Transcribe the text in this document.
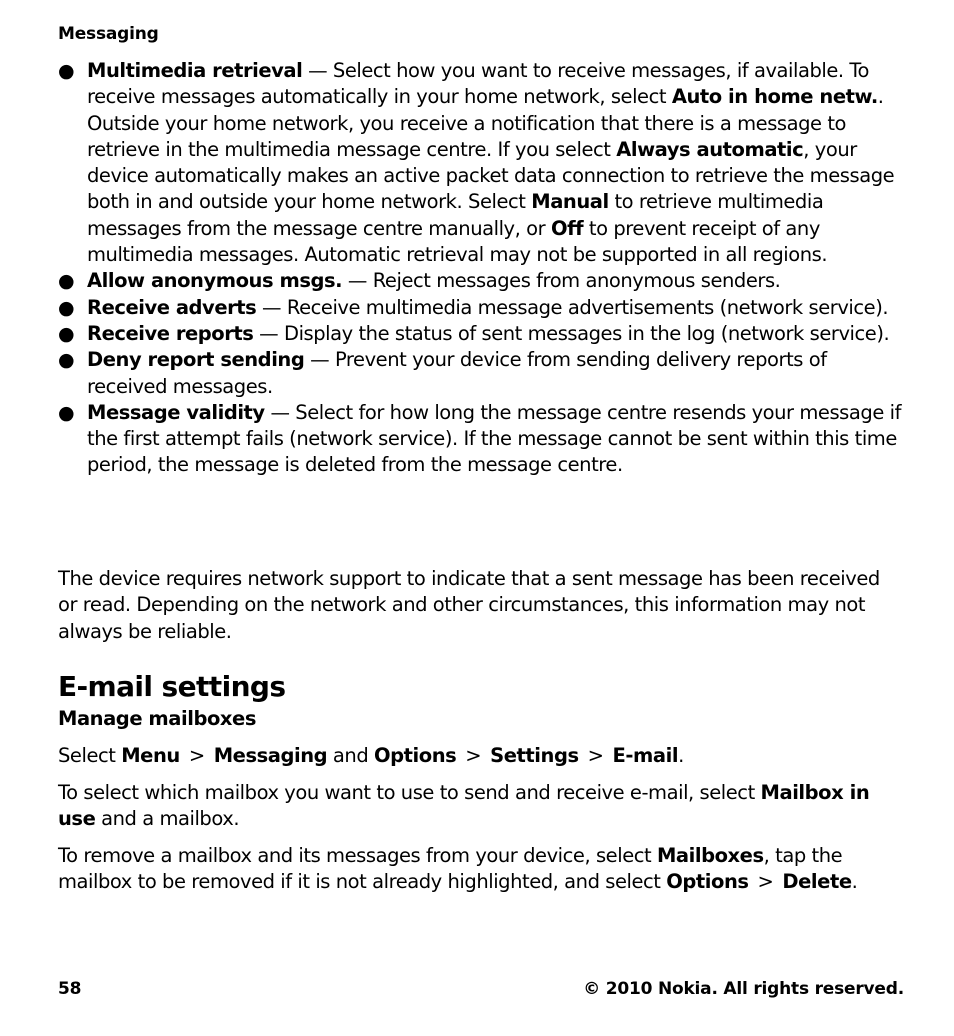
Messaging
● Multimedia retrieval — Select how you want to receive messages, if available. To receive messages automatically in your home network, select Auto in home netw.. Outside your home network, you receive a notification that there is a message to retrieve in the multimedia message centre. If you select Always automatic, your device automatically makes an active packet data connection to retrieve the message both in and outside your home network. Select Manual to retrieve multimedia messages from the message centre manually, or Off to prevent receipt of any multimedia messages. Automatic retrieval may not be supported in all regions.
● Allow anonymous msgs. — Reject messages from anonymous senders.
● Receive adverts — Receive multimedia message advertisements (network service).
● Receive reports — Display the status of sent messages in the log (network service).
● Deny report sending — Prevent your device from sending delivery reports of received messages.
● Message validity — Select for how long the message centre resends your message if the first attempt fails (network service). If the message cannot be sent within this time period, the message is deleted from the message centre.

The device requires network support to indicate that a sent message has been received or read. Depending on the network and other circumstances, this information may not always be reliable.

E-mail settings
Manage mailboxes

Select Menu > Messaging and Options > Settings > E-mail.

To select which mailbox you want to use to send and receive e-mail, select Mailbox in use and a mailbox.

To remove a mailbox and its messages from your device, select Mailboxes, tap the mailbox to be removed if it is not already highlighted, and select Options > Delete.

58	© 2010 Nokia. All rights reserved.
